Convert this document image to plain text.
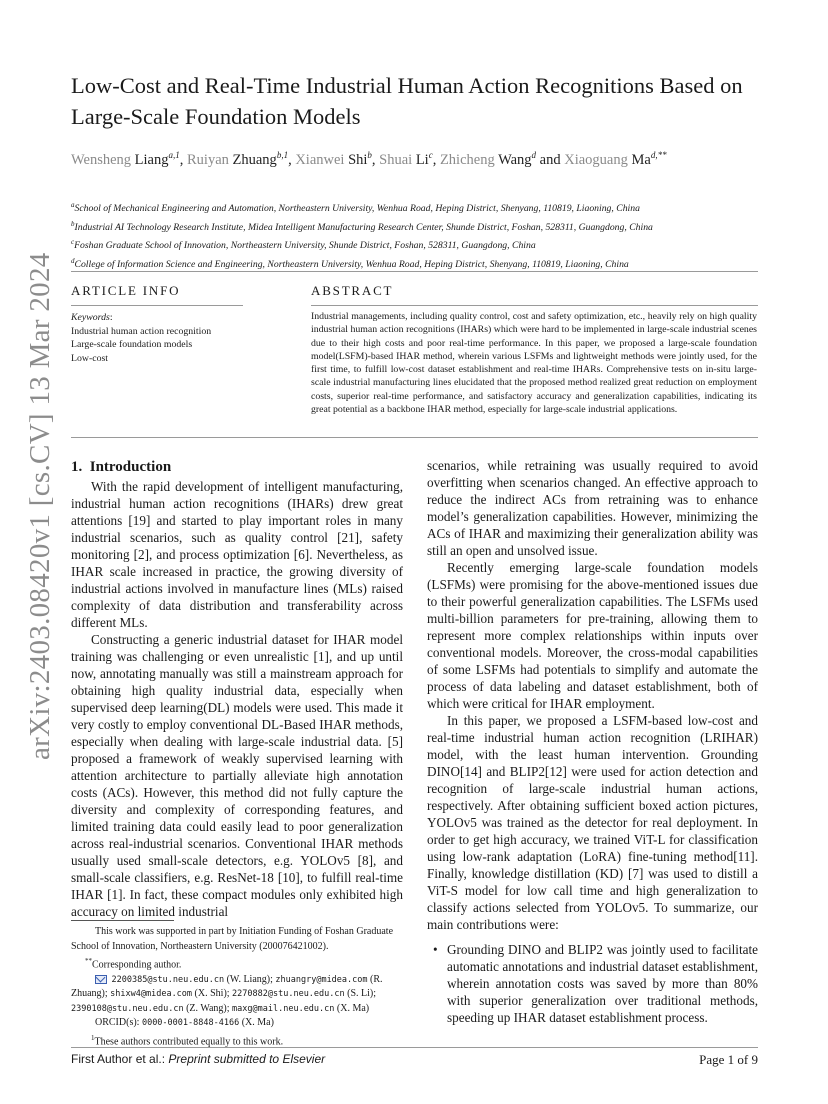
Low-Cost and Real-Time Industrial Human Action Recognitions Based on Large-Scale Foundation Models
Wensheng Liang$^{a,1}$, Ruiyan Zhuang$^{b,1}$, Xianwei Shi$^b$, Shuai Li$^c$, Zhicheng Wang$^d$ and Xiaoguang $Ma^{d,**}$
$^a$School of Mechanical Engineering and Automation, Northeastern University, Wenhua Road, Heping District, Shenyang, 110819, Liaoning, China
$^b$Industrial AI Technology Research Institute, Midea Intelligent Manufacturing Research Center, Shunde District, Foshan, 528311, Guangdong, China
$^c$Foshan Graduate School of Innovation, Northeastern University, Shunde District, Foshan, 528311, Guangdong, China
$^d$College of Information Science and Engineering, Northeastern University, Wenhua Road, Heping District, Shenyang, 110819, Liaoning, China
ARTICLE INFO
Keywords:
Industrial human action recognition
Large-scale foundation models
Low-cost
ABSTRACT
Industrial managements, including quality control, cost and safety optimization, etc., heavily rely on high quality industrial human action recognitions (IHARs) which were hard to be implemented in large-scale industrial scenes due to their high costs and poor real-time performance. In this paper, we proposed a large-scale foundation model(LSFM)-based IHAR method, wherein various LSFMs and lightweight methods were jointly used, for the first time, to fulfill low-cost dataset establishment and real-time IHARs. Comprehensive tests on in-situ large-scale industrial manufacturing lines elucidated that the proposed method realized great reduction on employment costs, superior real-time performance, and satisfactory accuracy and generalization capabilities, indicating its great potential as a backbone IHAR method, especially for large-scale industrial applications.
arXiv:2403.08420v1 [cs.CV] 13 Mar 2024 1. Introduction

With the rapid development of intelligent manufacturing, industrial human action recognitions (IHARs) drew great attentions [19] and started to play important roles in many industrial scenarios, such as quality control [21], safety monitoring [2], and process optimization [6]. Nevertheless, as IHAR scale increased in practice, the growing diversity of industrial actions involved in manufacture lines (MLs) raised complexity of data distribution and transferability across different MLs.

Constructing a generic industrial dataset for IHAR model training was challenging or even unrealistic [1], and up until now, annotating manually was still a mainstream approach for obtaining high quality industrial data, especially when supervised deep learning(DL) models were used. This made it very costly to employ conventional DL-Based IHAR methods, especially when dealing with large-scale industrial data. [5] proposed a framework of weakly supervised learning with attention architecture to partially alleviate high annotation costs (ACs). However, this method did not fully capture the diversity and complexity of corresponding features, and limited training data could easily lead to poor generalization across real-industrial scenarios. Conventional IHAR methods usually used small-scale detectors, e.g. YOLOv5 [8], and small-scale classifiers, e.g. ResNet-18 [10], to fulfill real-time IHAR [1]. In fact, these compact modules only exhibited high accuracy on limited industrial

This work was supported in part by Initiation Funding of Foshan Graduate School of Innovation, Northeastern University (200076421002).
**Corresponding author.
2200385@stu.neu.edu.cn (W. Liang); zhuangry@midea.com (R. Zhuang); shixw4@midea.com (X. Shi); 2270882@stu.neu.edu.cn (S. Li); 2390108@stu.neu.edu.cn (Z. Wang); maxg@mail.neu.edu.cn (X. Ma)
ORCID(s): 0000-0001-8848-4166 (X. Ma)
$^1$These authors contributed equally to this work.

scenarios, while retraining was usually required to avoid overfitting when scenarios changed. An effective approach to reduce the indirect ACs from retraining was to enhance model’s generalization capabilities. However, minimizing the ACs of IHAR and maximizing their generalization ability was still an open and unsolved issue.

Recently emerging large-scale foundation models (LSFMs) were promising for the above-mentioned issues due to their powerful generalization capabilities. The LSFMs used multi-billion parameters for pre-training, allowing them to represent more complex relationships within inputs over conventional models. Moreover, the cross-modal capabilities of some LSFMs had potentials to simplify and automate the process of data labeling and dataset establishment, both of which were critical for IHAR employment.

In this paper, we proposed a LSFM-based low-cost and real-time industrial human action recognition (LRIHAR) model, with the least human intervention. Grounding DINO[14] and BLIP2[12] were used for action detection and recognition of large-scale industrial human actions, respectively. After obtaining sufficient boxed action pictures, YOLOv5 was trained as the detector for real deployment. In order to get high accuracy, we trained ViT-L for classification using low-rank adaptation (LoRA) fine-tuning method[11]. Finally, knowledge distillation (KD) [7] was used to distill a ViT-S model for low call time and high generalization to classify actions selected from YOLOv5. To summarize, our main contributions were:

• Grounding DINO and BLIP2 was jointly used to facilitate automatic annotations and industrial dataset establishment, wherein annotation costs was saved by more than 80% with superior generalization over traditional methods, speeding up IHAR dataset establishment process.
First Author et al.: Preprint submitted to Elsevier	Page 1 of 9
